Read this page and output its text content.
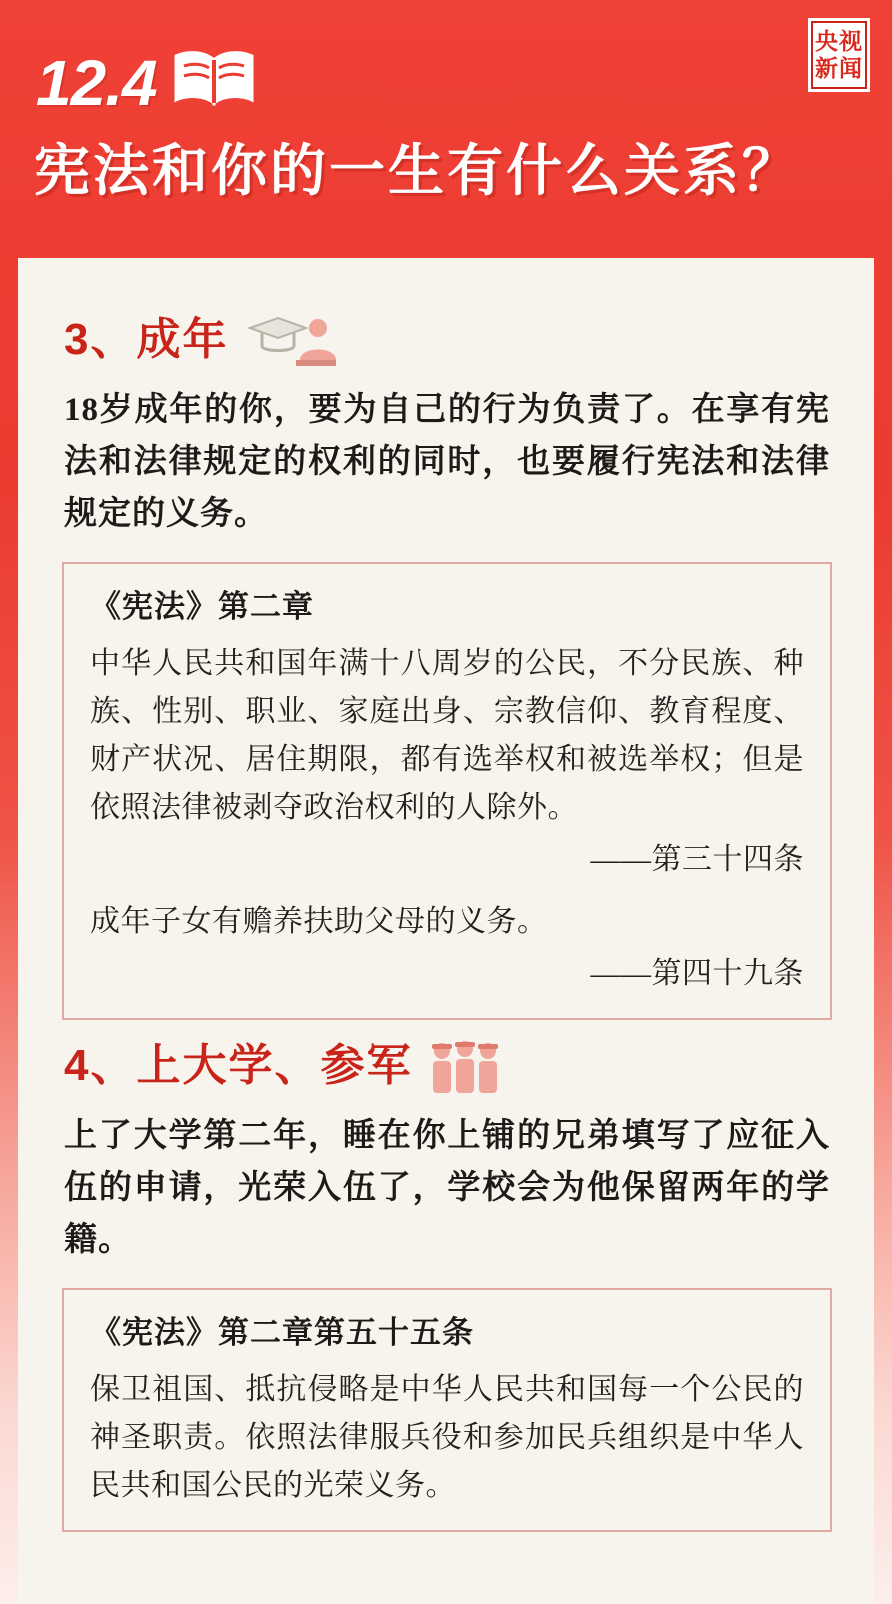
央视
新闻
12.4
宪法和你的一生有什么关系？
3、成年
18岁成年的你，要为自己的行为负责了。在享有宪法和法律规定的权利的同时，也要履行宪法和法律规定的义务。
《宪法》第二章
中华人民共和国年满十八周岁的公民，不分民族、种族、性别、职业、家庭出身、宗教信仰、教育程度、财产状况、居住期限，都有选举权和被选举权；但是依照法律被剥夺政治权利的人除外。
——第三十四条
成年子女有赡养扶助父母的义务。
——第四十九条
4、上大学、参军
上了大学第二年，睡在你上铺的兄弟填写了应征入伍的申请，光荣入伍了，学校会为他保留两年的学籍。
《宪法》第二章第五十五条
保卫祖国、抵抗侵略是中华人民共和国每一个公民的神圣职责。依照法律服兵役和参加民兵组织是中华人民共和国公民的光荣义务。
